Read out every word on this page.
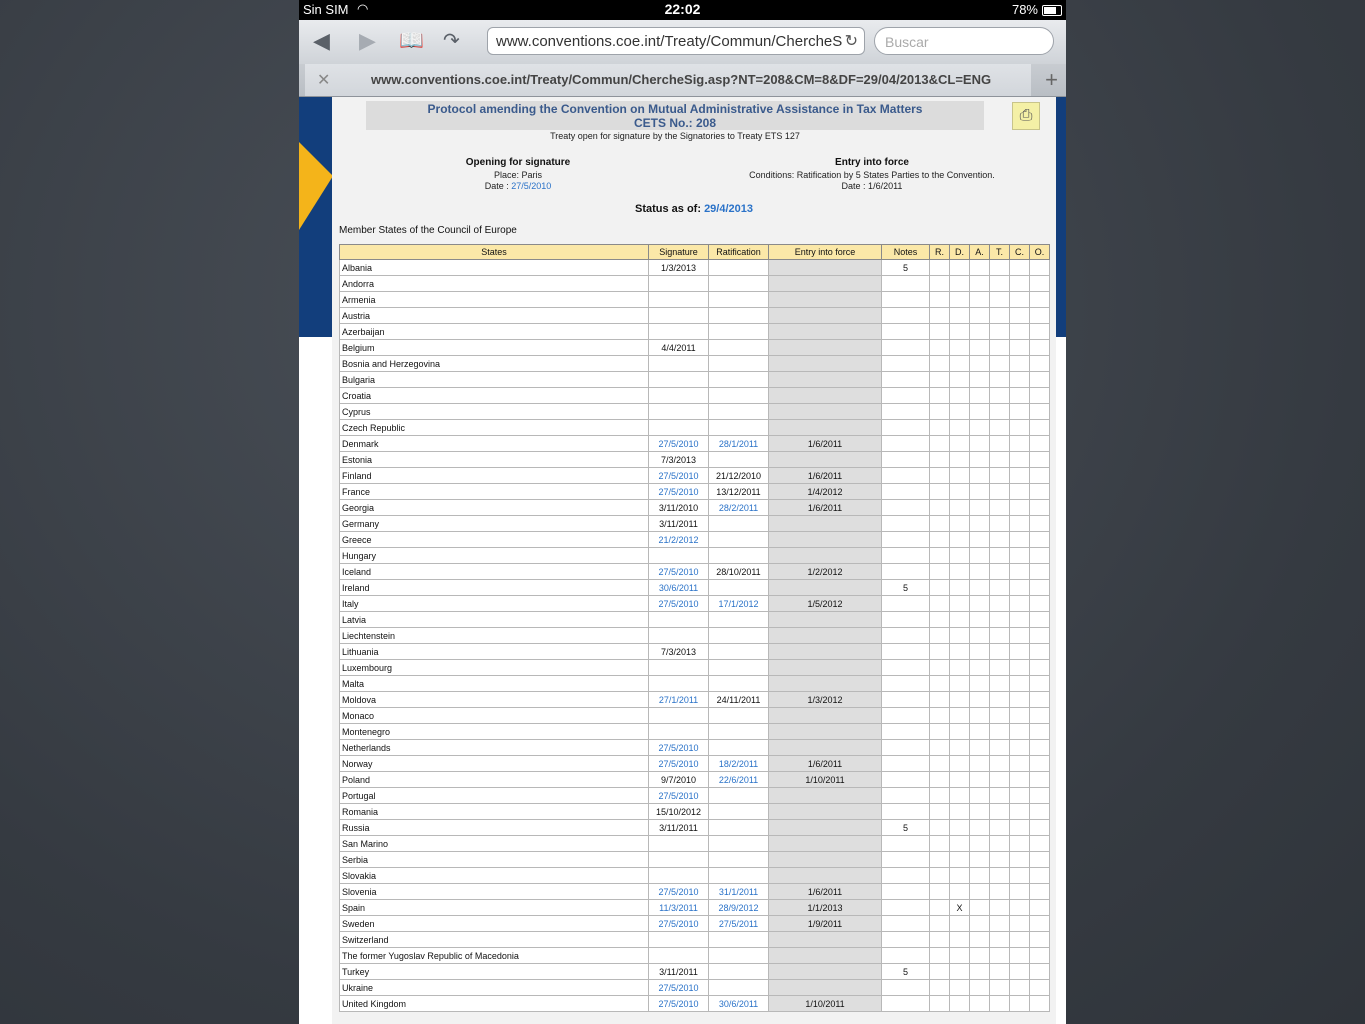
Sin SIM ◠	22:02	78%
◀ ▶ 📖 ↷	www.conventions.coe.int/Treaty/Commun/ChercheS ↻	Buscar
✕	www.conventions.coe.int/Treaty/Commun/ChercheSig.asp?NT=208&CM=8&DF=29/04/2013&CL=ENG +
Protocol amending the Convention on Mutual Administrative Assistance in Tax Matters
CETS No.: 208
Treaty open for signature by the Signatories to Treaty ETS 127
⎙
Opening for signature
Place: Paris
Date : 27/5/2010
Entry into force
Conditions: Ratification by 5 States Parties to the Convention.
Date : 1/6/2011
Status as of: 29/4/2013
Member States of the Council of Europe
States	Signature	Ratification	Entry into force	Notes	R.	D.	A.	T.	C.	O.
Albania	1/3/2013			5						
Andorra										
Armenia										
Austria										
Azerbaijan										
Belgium	4/4/2011									
Bosnia and Herzegovina										
Bulgaria										
Croatia										
Cyprus										
Czech Republic										
Denmark	27/5/2010	28/1/2011	1/6/2011							
Estonia	7/3/2013									
Finland	27/5/2010	21/12/2010	1/6/2011							
France	27/5/2010	13/12/2011	1/4/2012							
Georgia	3/11/2010	28/2/2011	1/6/2011							
Germany	3/11/2011									
Greece	21/2/2012									
Hungary										
Iceland	27/5/2010	28/10/2011	1/2/2012							
Ireland	30/6/2011			5						
Italy	27/5/2010	17/1/2012	1/5/2012							
Latvia										
Liechtenstein										
Lithuania	7/3/2013									
Luxembourg										
Malta										
Moldova	27/1/2011	24/11/2011	1/3/2012							
Monaco										
Montenegro										
Netherlands	27/5/2010									
Norway	27/5/2010	18/2/2011	1/6/2011							
Poland	9/7/2010	22/6/2011	1/10/2011							
Portugal	27/5/2010									
Romania	15/10/2012									
Russia	3/11/2011			5						
San Marino										
Serbia										
Slovakia										
Slovenia	27/5/2010	31/1/2011	1/6/2011							
Spain	11/3/2011	28/9/2012	1/1/2013			X				
Sweden	27/5/2010	27/5/2011	1/9/2011							
Switzerland										
The former Yugoslav Republic of Macedonia										
Turkey	3/11/2011			5						
Ukraine	27/5/2010									
United Kingdom	27/5/2010	30/6/2011	1/10/2011							
